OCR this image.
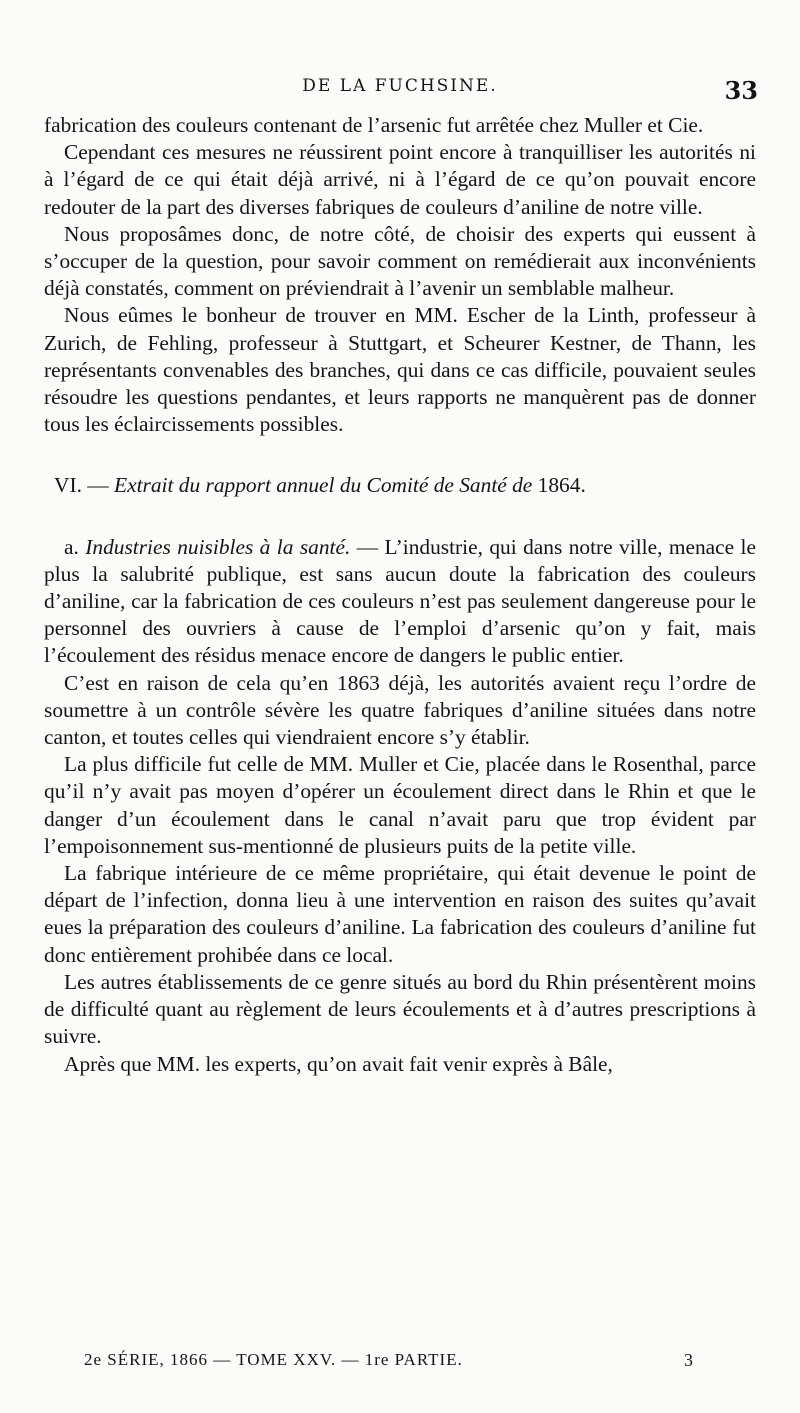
DE LA FUCHSINE.	33

fabrication des couleurs contenant de l’arsenic fut arrêtée chez Muller et Cie.

Cependant ces mesures ne réussirent point encore à tranquilliser les autorités ni à l’égard de ce qui était déjà arrivé, ni à l’égard de ce qu’on pouvait encore redouter de la part des diverses fabriques de couleurs d’aniline de notre ville.

Nous proposâmes donc, de notre côté, de choisir des experts qui eussent à s’occuper de la question, pour savoir comment on remédierait aux inconvénients déjà constatés, comment on préviendrait à l’avenir un semblable malheur.

Nous eûmes le bonheur de trouver en MM. Escher de la Linth, professeur à Zurich, de Fehling, professeur à Stuttgart, et Scheurer Kestner, de Thann, les représentants convenables des branches, qui dans ce cas difficile, pouvaient seules résoudre les questions pendantes, et leurs rapports ne manquèrent pas de donner tous les éclaircissements possibles.

VI. — Extrait du rapport annuel du Comité de Santé de 1864.

a. Industries nuisibles à la santé. — L’industrie, qui dans notre ville, menace le plus la salubrité publique, est sans aucun doute la fabrication des couleurs d’aniline, car la fabrication de ces couleurs n’est pas seulement dangereuse pour le personnel des ouvriers à cause de l’emploi d’arsenic qu’on y fait, mais l’écoulement des résidus menace encore de dangers le public entier.

C’est en raison de cela qu’en 1863 déjà, les autorités avaient reçu l’ordre de soumettre à un contrôle sévère les quatre fabriques d’aniline situées dans notre canton, et toutes celles qui viendraient encore s’y établir.

La plus difficile fut celle de MM. Muller et Cie, placée dans le Rosenthal, parce qu’il n’y avait pas moyen d’opérer un écoulement direct dans le Rhin et que le danger d’un écoulement dans le canal n’avait paru que trop évident par l’empoisonnement sus-mentionné de plusieurs puits de la petite ville.

La fabrique intérieure de ce même propriétaire, qui était devenue le point de départ de l’infection, donna lieu à une intervention en raison des suites qu’avait eues la préparation des couleurs d’aniline. La fabrication des couleurs d’aniline fut donc entièrement prohibée dans ce local.

Les autres établissements de ce genre situés au bord du Rhin présentèrent moins de difficulté quant au règlement de leurs écoulements et à d’autres prescriptions à suivre.

Après que MM. les experts, qu’on avait fait venir exprès à Bâle,

2e SÉRIE, 1866 — TOME XXV. — 1re PARTIE.	3
